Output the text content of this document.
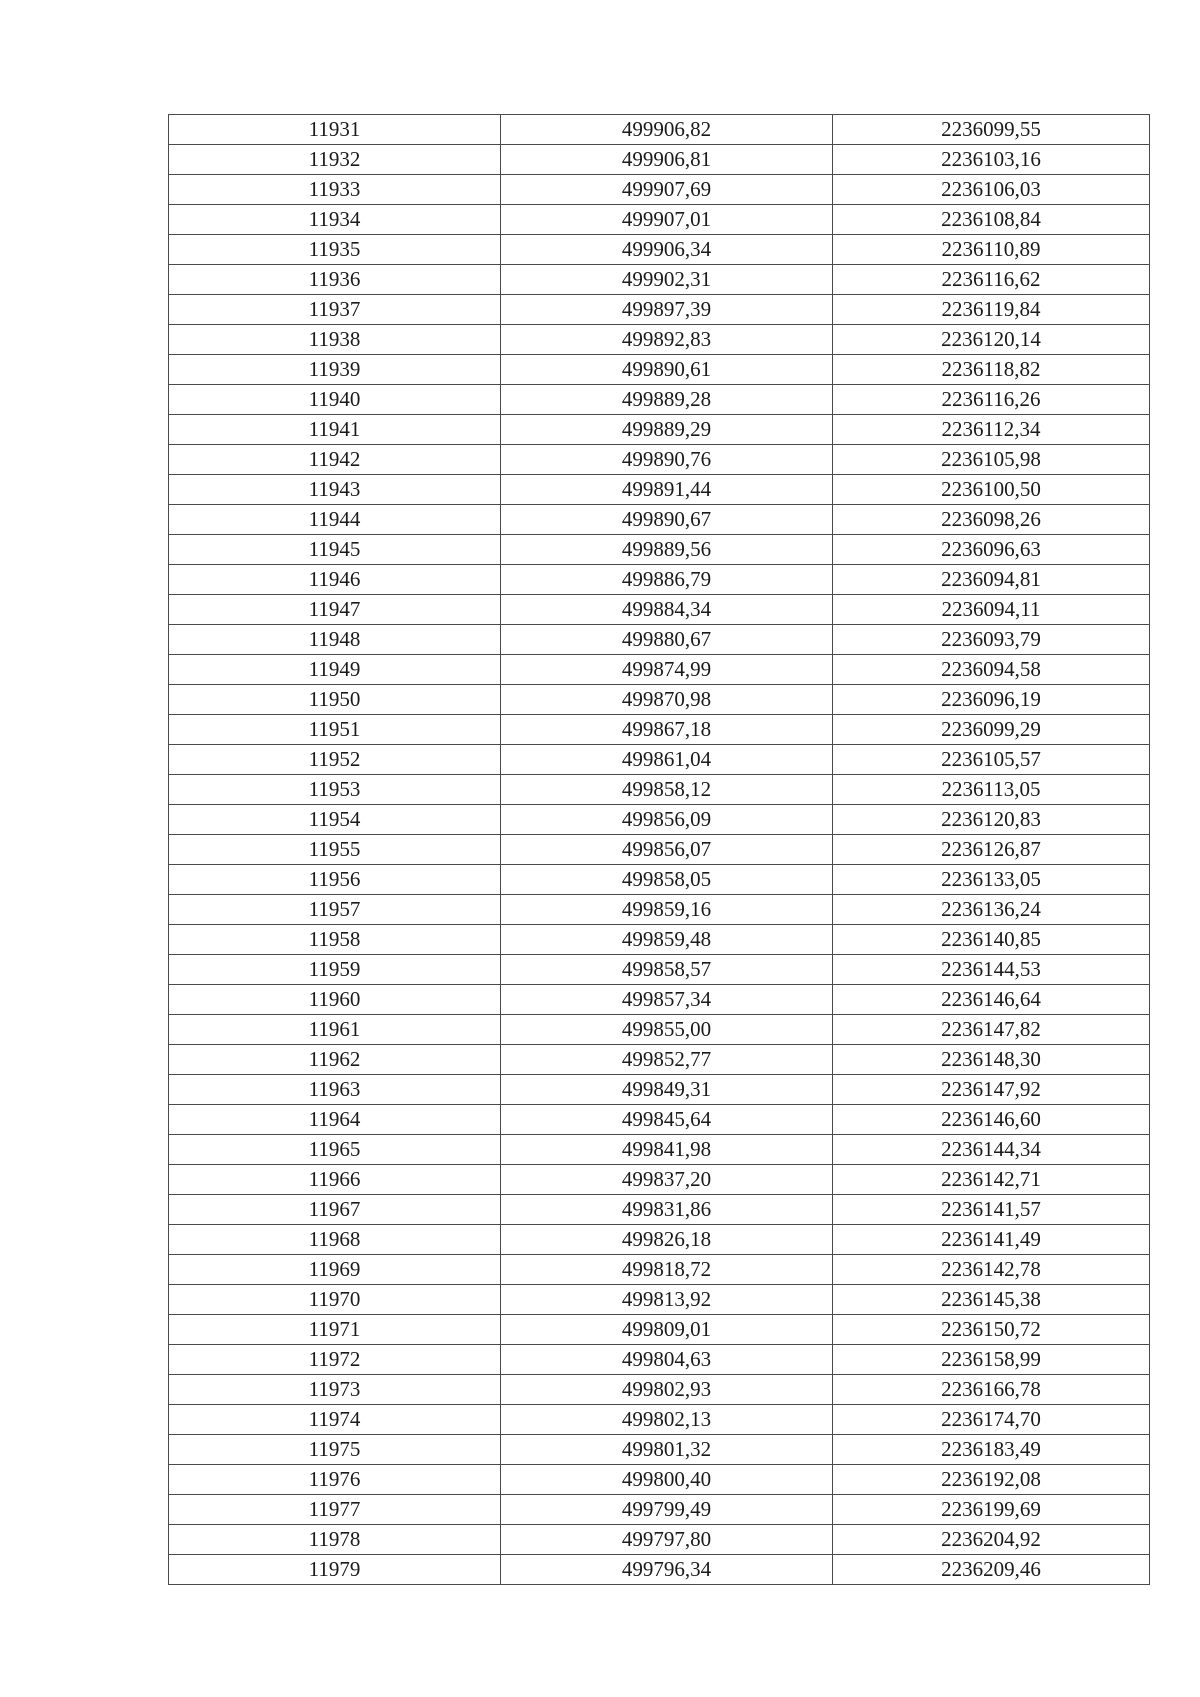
11931	499906,82	2236099,55
11932	499906,81	2236103,16
11933	499907,69	2236106,03
11934	499907,01	2236108,84
11935	499906,34	2236110,89
11936	499902,31	2236116,62
11937	499897,39	2236119,84
11938	499892,83	2236120,14
11939	499890,61	2236118,82
11940	499889,28	2236116,26
11941	499889,29	2236112,34
11942	499890,76	2236105,98
11943	499891,44	2236100,50
11944	499890,67	2236098,26
11945	499889,56	2236096,63
11946	499886,79	2236094,81
11947	499884,34	2236094,11
11948	499880,67	2236093,79
11949	499874,99	2236094,58
11950	499870,98	2236096,19
11951	499867,18	2236099,29
11952	499861,04	2236105,57
11953	499858,12	2236113,05
11954	499856,09	2236120,83
11955	499856,07	2236126,87
11956	499858,05	2236133,05
11957	499859,16	2236136,24
11958	499859,48	2236140,85
11959	499858,57	2236144,53
11960	499857,34	2236146,64
11961	499855,00	2236147,82
11962	499852,77	2236148,30
11963	499849,31	2236147,92
11964	499845,64	2236146,60
11965	499841,98	2236144,34
11966	499837,20	2236142,71
11967	499831,86	2236141,57
11968	499826,18	2236141,49
11969	499818,72	2236142,78
11970	499813,92	2236145,38
11971	499809,01	2236150,72
11972	499804,63	2236158,99
11973	499802,93	2236166,78
11974	499802,13	2236174,70
11975	499801,32	2236183,49
11976	499800,40	2236192,08
11977	499799,49	2236199,69
11978	499797,80	2236204,92
11979	499796,34	2236209,46
